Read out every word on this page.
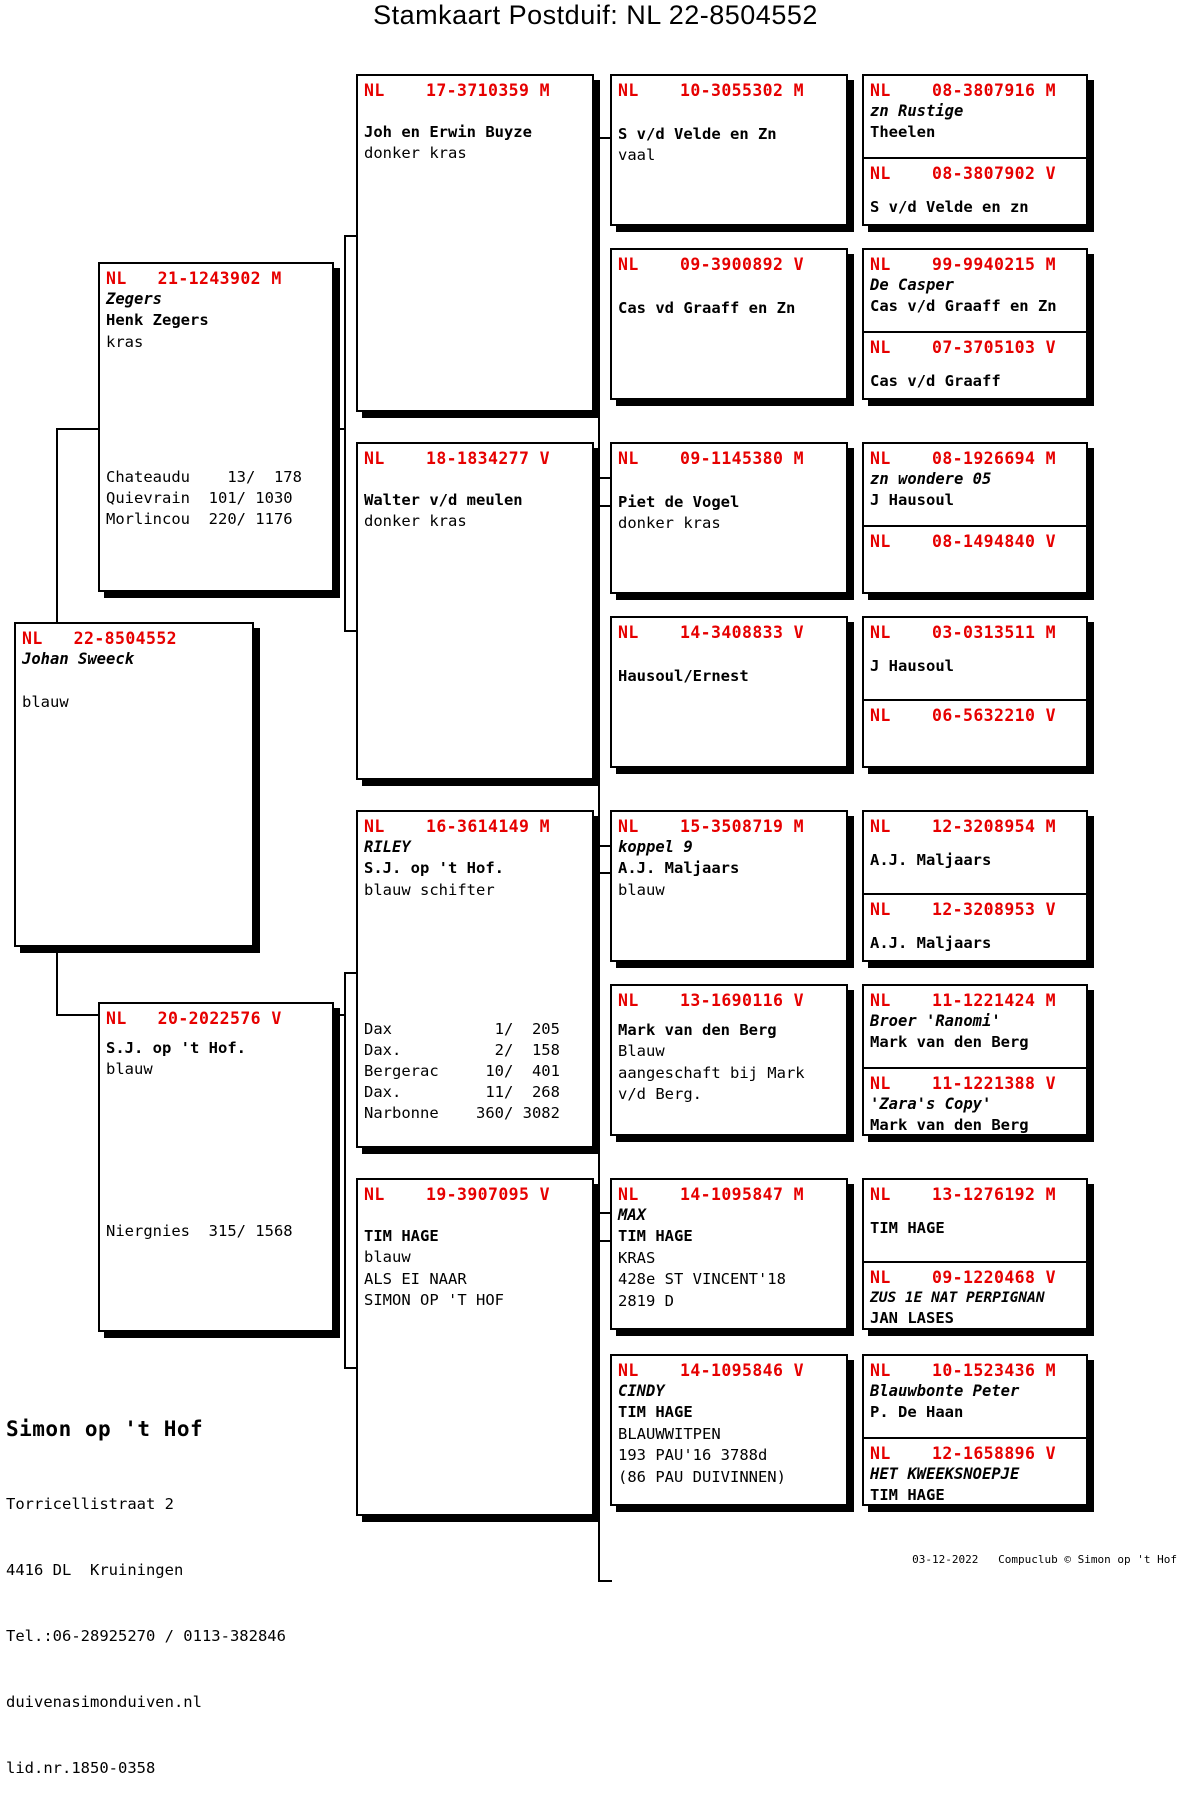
Stamkaart Postduif: NL 22-8504552
NL   22-8504552
Johan Sweeck

blauw
NL   21-1243902 M
Zegers
Henk Zegers
kras
Chateaudu    13/  178
Quievrain  101/ 1030
Morlincou  220/ 1176
NL   20-2022576 V
S.J. op 't Hof.
blauw
Niergnies  315/ 1568
NL    17-3710359 M
Joh en Erwin Buyze
donker kras
NL    18-1834277 V
Walter v/d meulen
donker kras
NL    16-3614149 M
RILEY
S.J. op 't Hof.
blauw schifter
Dax           1/  205
Dax.          2/  158
Bergerac     10/  401
Dax.         11/  268
Narbonne    360/ 3082
NL    19-3907095 V
TIM HAGE
blauw
ALS EI NAAR
SIMON OP 'T HOF
NL    10-3055302 M
S v/d Velde en Zn
vaal
NL    09-3900892 V
Cas vd Graaff en Zn
NL    09-1145380 M
Piet de Vogel
donker kras
NL    14-3408833 V
Hausoul/Ernest
NL    15-3508719 M
koppel 9
A.J. Maljaars
blauw
NL    13-1690116 V
Mark van den Berg
Blauw
aangeschaft bij Mark
v/d Berg.
NL    14-1095847 M
MAX
TIM HAGE
KRAS
428e ST VINCENT'18
2819 D
NL    14-1095846 V
CINDY
TIM HAGE
BLAUWWITPEN
193 PAU'16 3788d
(86 PAU DUIVINNEN)
NL    08-3807916 M
zn Rustige
Theelen
NL    08-3807902 V
S v/d Velde en zn
NL    99-9940215 M
De Casper
Cas v/d Graaff en Zn
NL    07-3705103 V
Cas v/d Graaff
NL    08-1926694 M
zn wondere 05
J Hausoul
NL    08-1494840 V
NL    03-0313511 M
J Hausoul
NL    06-5632210 V
NL    12-3208954 M
A.J. Maljaars
NL    12-3208953 V
A.J. Maljaars
NL    11-1221424 M
Broer 'Ranomi'
Mark van den Berg
NL    11-1221388 V
'Zara's Copy'
Mark van den Berg
NL    13-1276192 M
TIM HAGE
NL    09-1220468 V
ZUS 1E NAT PERPIGNAN
JAN LASES
NL    10-1523436 M
Blauwbonte Peter
P. De Haan
NL    12-1658896 V
HET KWEEKSNOEPJE
TIM HAGE

Simon op 't Hof

Torricellistraat 2

4416 DL  Kruiningen

Tel.:06-28925270 / 0113-382846

duivenasimonduiven.nl

lid.nr.1850-0358

03-12-2022   Compuclub © Simon op 't Hof
